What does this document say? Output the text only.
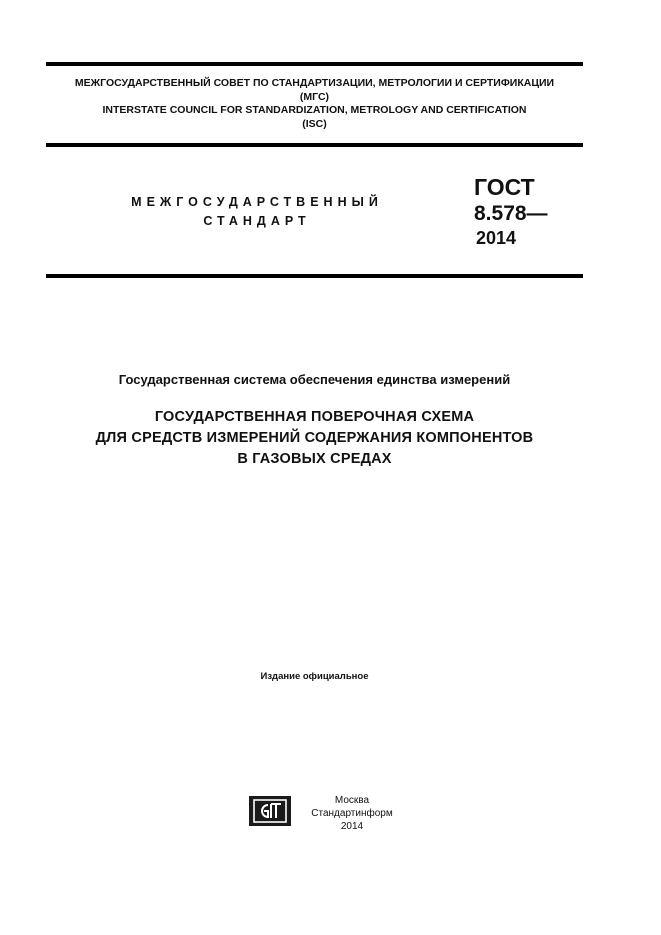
МЕЖГОСУДАРСТВЕННЫЙ СОВЕТ ПО СТАНДАРТИЗАЦИИ, МЕТРОЛОГИИ И СЕРТИФИКАЦИИ
(МГС)
INTERSTATE COUNCIL FOR STANDARDIZATION, METROLOGY AND CERTIFICATION
(ISC)
МЕЖГОСУДАРСТВЕННЫЙ
СТАНДАРТ
ГОСТ
8.578—
2014
Государственная система обеспечения единства измерений
ГОСУДАРСТВЕННАЯ ПОВЕРОЧНАЯ СХЕМА
ДЛЯ СРЕДСТВ ИЗМЕРЕНИЙ СОДЕРЖАНИЯ КОМПОНЕНТОВ
В ГАЗОВЫХ СРЕДАХ
Издание официальное
Москва
Стандартинформ
2014
